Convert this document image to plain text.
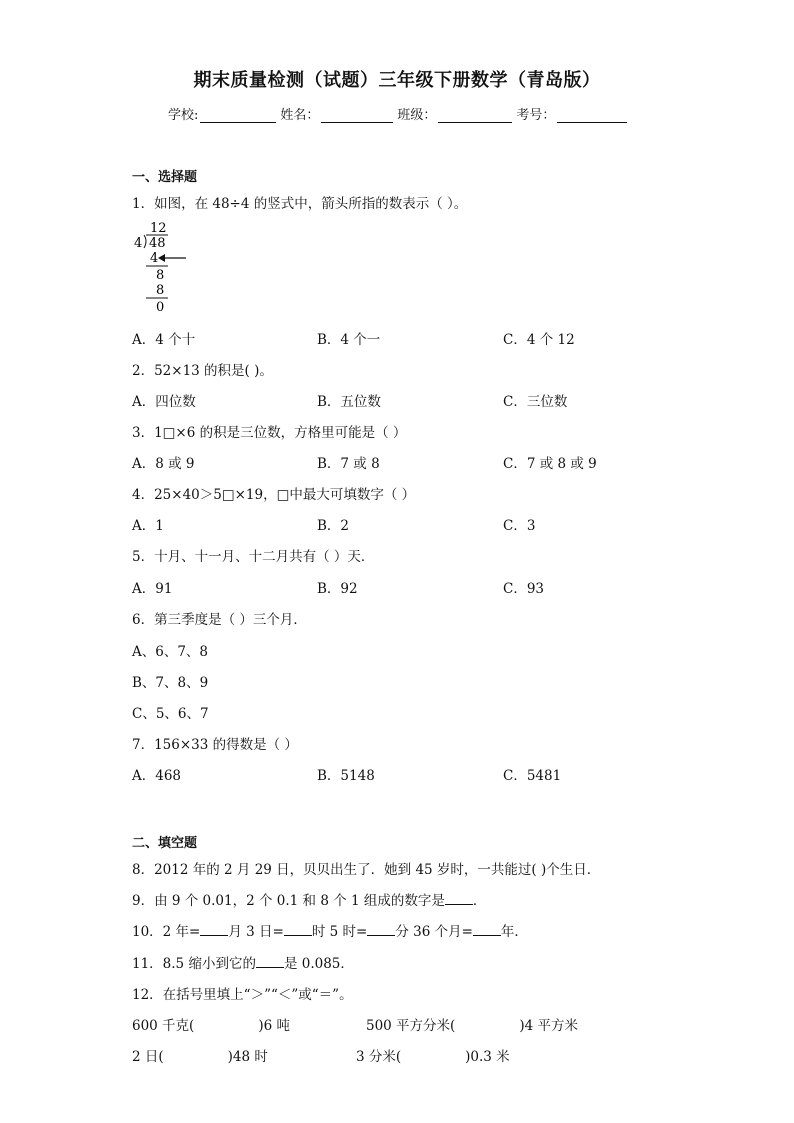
期末质量检测（试题）三年级下册数学（青岛版）
学校:	姓名：	班级：	考号：
一、选择题
1．如图，在 48÷4 的竖式中，箭头所指的数表示（ ）。
12
4 48
4
8
8
0
A．4 个十	B．4 个一	C．4 个 12
2．52×13 的积是( )。
A．四位数	B．五位数	C．三位数
3．1□×6 的积是三位数，方格里可能是（ ）
A．8 或 9	B．7 或 8	C．7 或 8 或 9
4．25×40＞5□×19，□中最大可填数字（ ）
A．1	B．2	C．3
5．十月、十一月、十二月共有（ ）天．
A．91	B．92	C．93
6．第三季度是（ ）三个月．
A、6、7、8
B、7、8、9
C、5、6、7
7．156×33 的得数是（ ）
A．468	B．5148	C．5481
二、填空题
8．2012 年的 2 月 29 日，贝贝出生了．她到 45 岁时，一共能过( )个生日．
9．由 9 个 0.01，2 个 0.1 和 8 个 1 组成的数字是 ．
10．2 年= 月 3 日= 时 5 时= 分 36 个月= 年．
11．8.5 缩小到它的 是 0.085．
12．在括号里填上“＞”“＜”或“＝”。
600 千克(	)6 吨	500 平方分米(	)4 平方米
2 日(	)48 时	3 分米(	)0.3 米
